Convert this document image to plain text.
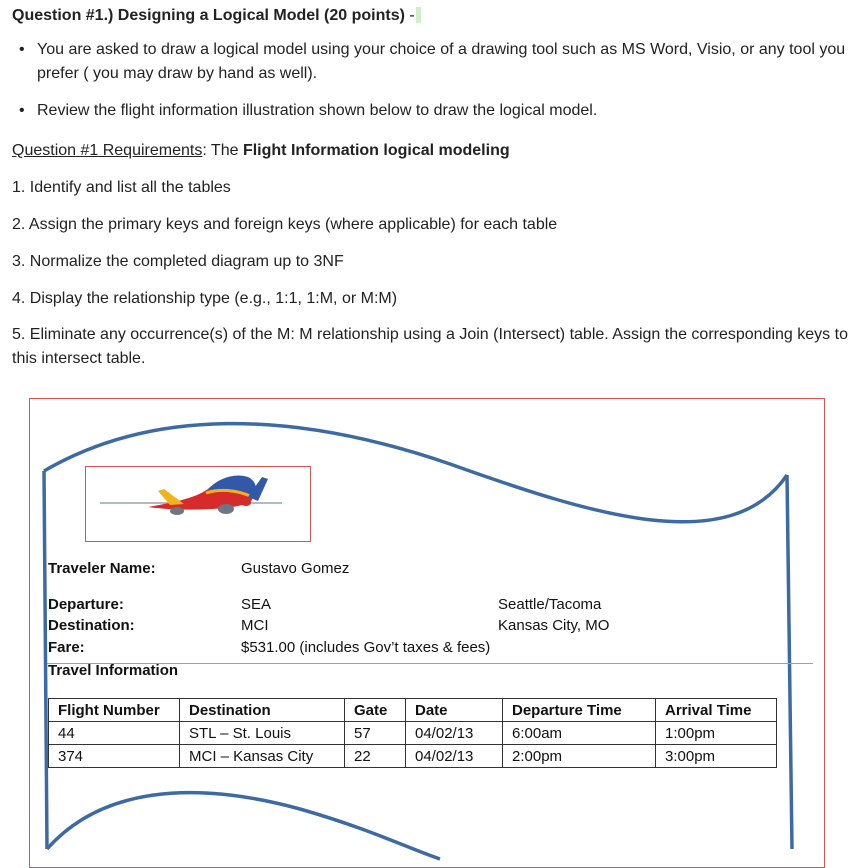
Question #1.) Designing a Logical Model (20 points) -
• You are asked to draw a logical model using your choice of a drawing tool such as MS Word, Visio, or any tool you prefer ( you may draw by hand as well).
• Review the flight information illustration shown below to draw the logical model.
Question #1 Requirements: The Flight Information logical modeling
1. Identify and list all the tables
2. Assign the primary keys and foreign keys (where applicable) for each table
3. Normalize the completed diagram up to 3NF
4. Display the relationship type (e.g., 1:1, 1:M, or M:M)
5. Eliminate any occurrence(s) of the M: M relationship using a Join (Intersect) table. Assign the corresponding keys to this intersect table.
Traveler Name:	Gustavo Gomez
Departure:	SEA	Seattle/Tacoma
Destination:	MCI	Kansas City, MO
Fare:	$531.00 (includes Gov’t taxes & fees)
Travel Information
Flight Number	Destination	Gate	Date	Departure Time	Arrival Time
44	STL – St. Louis	57	04/02/13	6:00am	1:00pm
374	MCI – Kansas City	22	04/02/13	2:00pm	3:00pm
